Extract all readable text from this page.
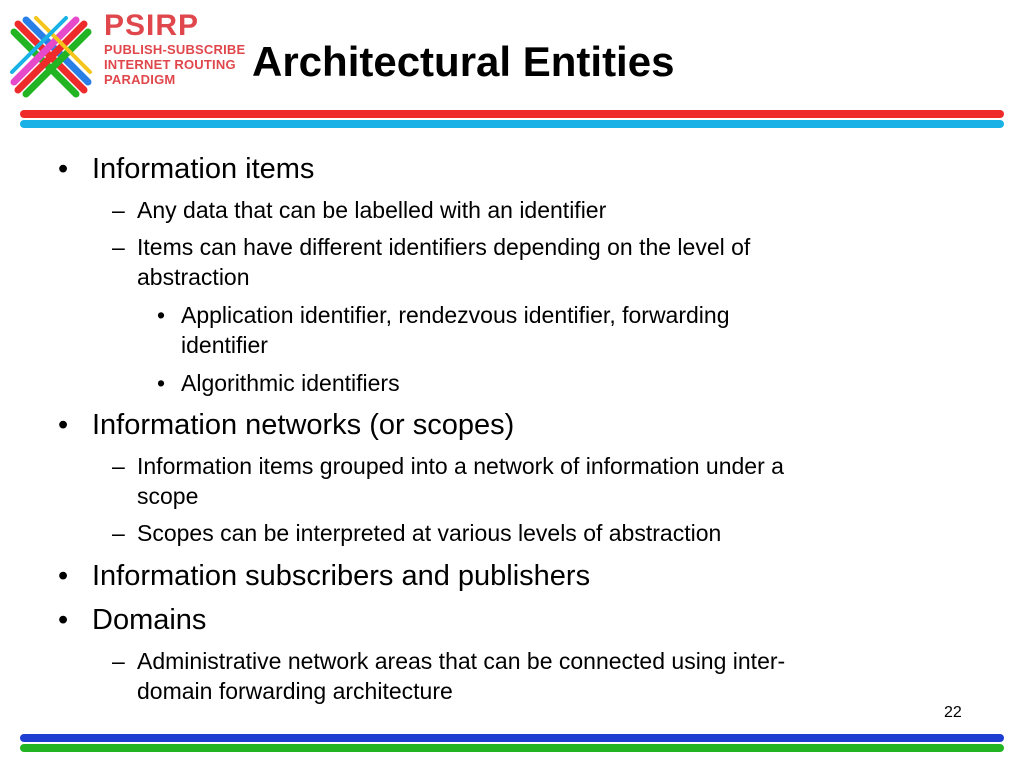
PSIRP
PUBLISH-SUBSCRIBE
INTERNET ROUTING
PARADIGM	Architectural Entities
• Information items
– Any data that can be labelled with an identifier
– Items can have different identifiers depending on the level of
abstraction
• Application identifier, rendezvous identifier, forwarding
identifier
• Algorithmic identifiers
• Information networks (or scopes)
– Information items grouped into a network of information under a
scope
– Scopes can be interpreted at various levels of abstraction
• Information subscribers and publishers
• Domains
– Administrative network areas that can be connected using inter-
domain forwarding architecture
22
